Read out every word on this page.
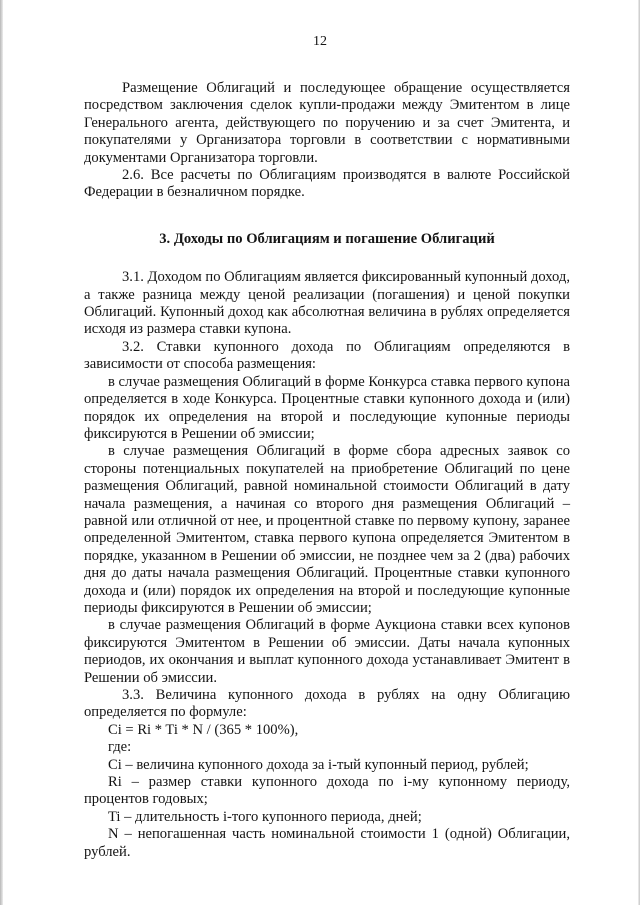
12

Размещение Облигаций и последующее обращение осуществляется посредством заключения сделок купли-продажи между Эмитентом в лице Генерального агента, действующего по поручению и за счет Эмитента, и покупателями у Организатора торговли в соответствии с нормативными документами Организатора торговли.

2.6. Все расчеты по Облигациям производятся в валюте Российской Федерации в безналичном порядке.

3. Доходы по Облигациям и погашение Облигаций

3.1. Доходом по Облигациям является фиксированный купонный доход, а также разница между ценой реализации (погашения) и ценой покупки Облигаций. Купонный доход как абсолютная величина в рублях определяется исходя из размера ставки купона.

3.2. Ставки купонного дохода по Облигациям определяются в зависимости от способа размещения:

в случае размещения Облигаций в форме Конкурса ставка первого купона определяется в ходе Конкурса. Процентные ставки купонного дохода и (или) порядок их определения на второй и последующие купонные периоды фиксируются в Решении об эмиссии;

в случае размещения Облигаций в форме сбора адресных заявок со стороны потенциальных покупателей на приобретение Облигаций по цене размещения Облигаций, равной номинальной стоимости Облигаций в дату начала размещения, а начиная со второго дня размещения Облигаций – равной или отличной от нее, и процентной ставке по первому купону, заранее определенной Эмитентом, ставка первого купона определяется Эмитентом в порядке, указанном в Решении об эмиссии, не позднее чем за 2 (два) рабочих дня до даты начала размещения Облигаций. Процентные ставки купонного дохода и (или) порядок их определения на второй и последующие купонные периоды фиксируются в Решении об эмиссии;

в случае размещения Облигаций в форме Аукциона ставки всех купонов фиксируются Эмитентом в Решении об эмиссии. Даты начала купонных периодов, их окончания и выплат купонного дохода устанавливает Эмитент в Решении об эмиссии.

3.3. Величина купонного дохода в рублях на одну Облигацию определяется по формуле:

Ci = Ri * Ti * N / (365 * 100%),

где:

Ci – величина купонного дохода за i-тый купонный период, рублей;

Ri – размер ставки купонного дохода по i-му купонному периоду, процентов годовых;

Ti – длительность i-того купонного периода, дней;

N – непогашенная часть номинальной стоимости 1 (одной) Облигации, рублей.
